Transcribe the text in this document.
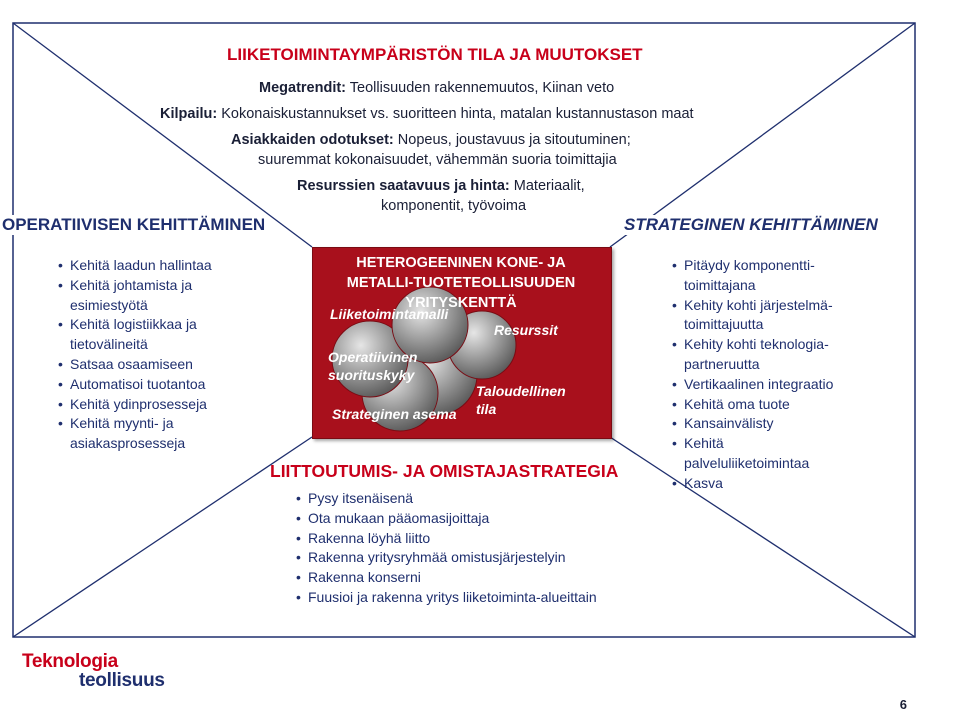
LIIKETOIMINTAYMPÄRISTÖN TILA JA MUUTOKSET
Megatrendit: Teollisuuden rakennemuutos, Kiinan veto
Kilpailu: Kokonaiskustannukset vs. suoritteen hinta, matalan kustannustason maat
Asiakkaiden odotukset: Nopeus, joustavuus ja sitoutuminen;
suuremmat kokonaisuudet, vähemmän suoria toimittajia
Resurssien saatavuus ja hinta: Materiaalit,
komponentit, työvoima
OPERATIIVISEN KEHITTÄMINEN	STRATEGINEN KEHITTÄMINEN
• Kehitä laadun hallintaa
• Kehitä johtamista ja
esimiestyötä
• Kehitä logistiikkaa ja
tietovälineitä
• Satsaa osaamiseen
• Automatisoi tuotantoa
• Kehitä ydinprosesseja
• Kehitä myynti- ja
asiakasprosesseja
• Pitäydy komponentti-
toimittajana
• Kehity kohti järjestelmä-
toimittajuutta
• Kehity kohti teknologia-
partneruutta
• Vertikaalinen integraatio
• Kehitä oma tuote
• Kansainvälisty
• Kehitä
palveluliiketoimintaa
• Kasva
HETEROGEENINEN KONE- JA
METALLI-TUOTETEOLLISUUDEN
YRITYSKENTTÄ
Liiketoimintamalli
Resurssit
Operatiivinen
suorituskyky
Taloudellinen
tila
Strateginen asema
LIITTOUTUMIS- JA OMISTAJASTRATEGIA
• Pysy itsenäisenä
• Ota mukaan pääomasijoittaja
• Rakenna löyhä liitto
• Rakenna yritysryhmää omistusjärjestelyin
• Rakenna konserni
• Fuusioi ja rakenna yritys liiketoiminta-alueittain
Teknologia
teollisuus
6
